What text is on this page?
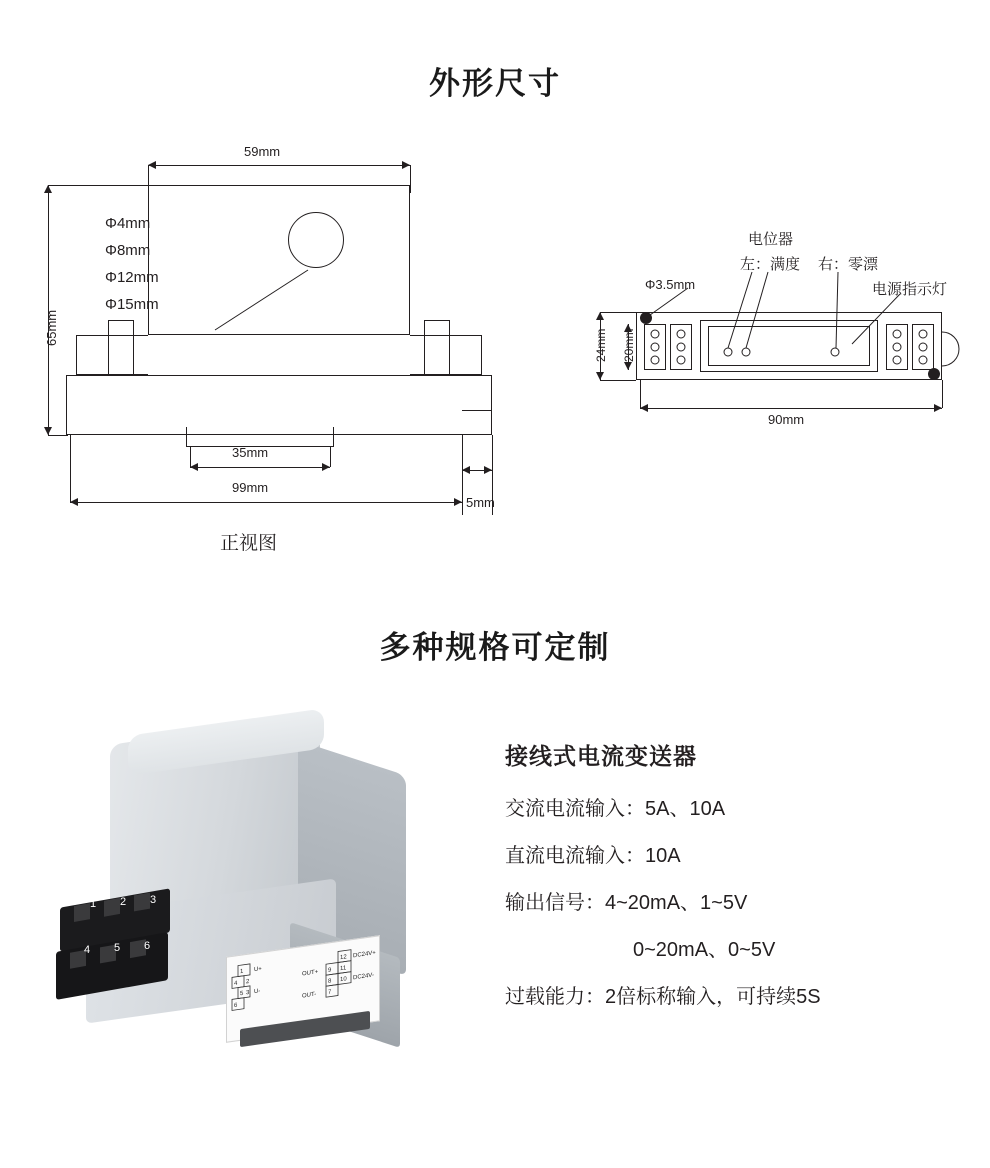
外形尺寸
59mm
65mm
Φ4mm
Φ8mm
Φ12mm
Φ15mm
35mm
99mm
5mm
正视图
电位器
左：满度 右：零漂
电源指示灯
Φ3.5mm
24mm 20mm
90mm
多种规格可定制
1 2 3
4 5 6
1
4
5
6
2
3
U+
U-
12
9 11
8 10
7
OUT+
OUT-
DC24V+
DC24V-
接线式电流变送器
交流电流输入：5A、10A
直流电流输入：10A
输出信号：4~20mA、1~5V
0~20mA、0~5V
过载能力：2倍标称输入，可持续5S
